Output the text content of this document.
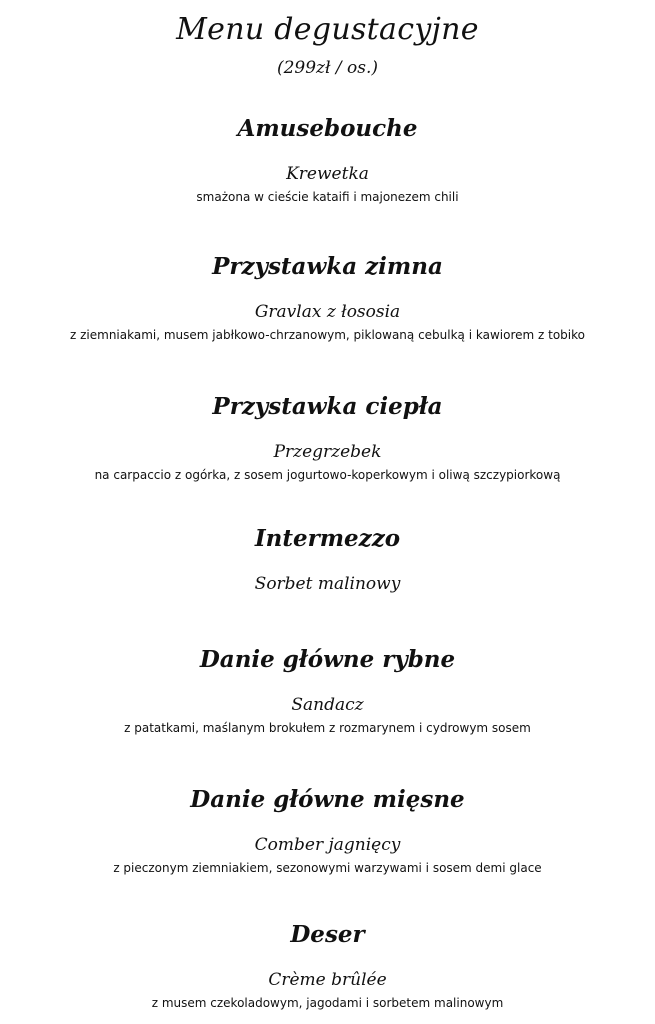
Menu degustacyjne
(299zł / os.)
Amusebouche
Krewetka
smażona w cieście kataifi i majonezem chili
Przystawka zimna
Gravlax z łososia
z ziemniakami, musem jabłkowo-chrzanowym, piklowaną cebulką i kawiorem z tobiko
Przystawka ciepła
Przegrzebek
na carpaccio z ogórka, z sosem jogurtowo-koperkowym i oliwą szczypiorkową
Intermezzo
Sorbet malinowy
Danie główne rybne
Sandacz
z patatkami, maślanym brokułem z rozmarynem i cydrowym sosem
Danie główne mięsne
Comber jagnięcy
z pieczonym ziemniakiem, sezonowymi warzywami i sosem demi glace
Deser
Crème brûlée
z musem czekoladowym, jagodami i sorbetem malinowym
